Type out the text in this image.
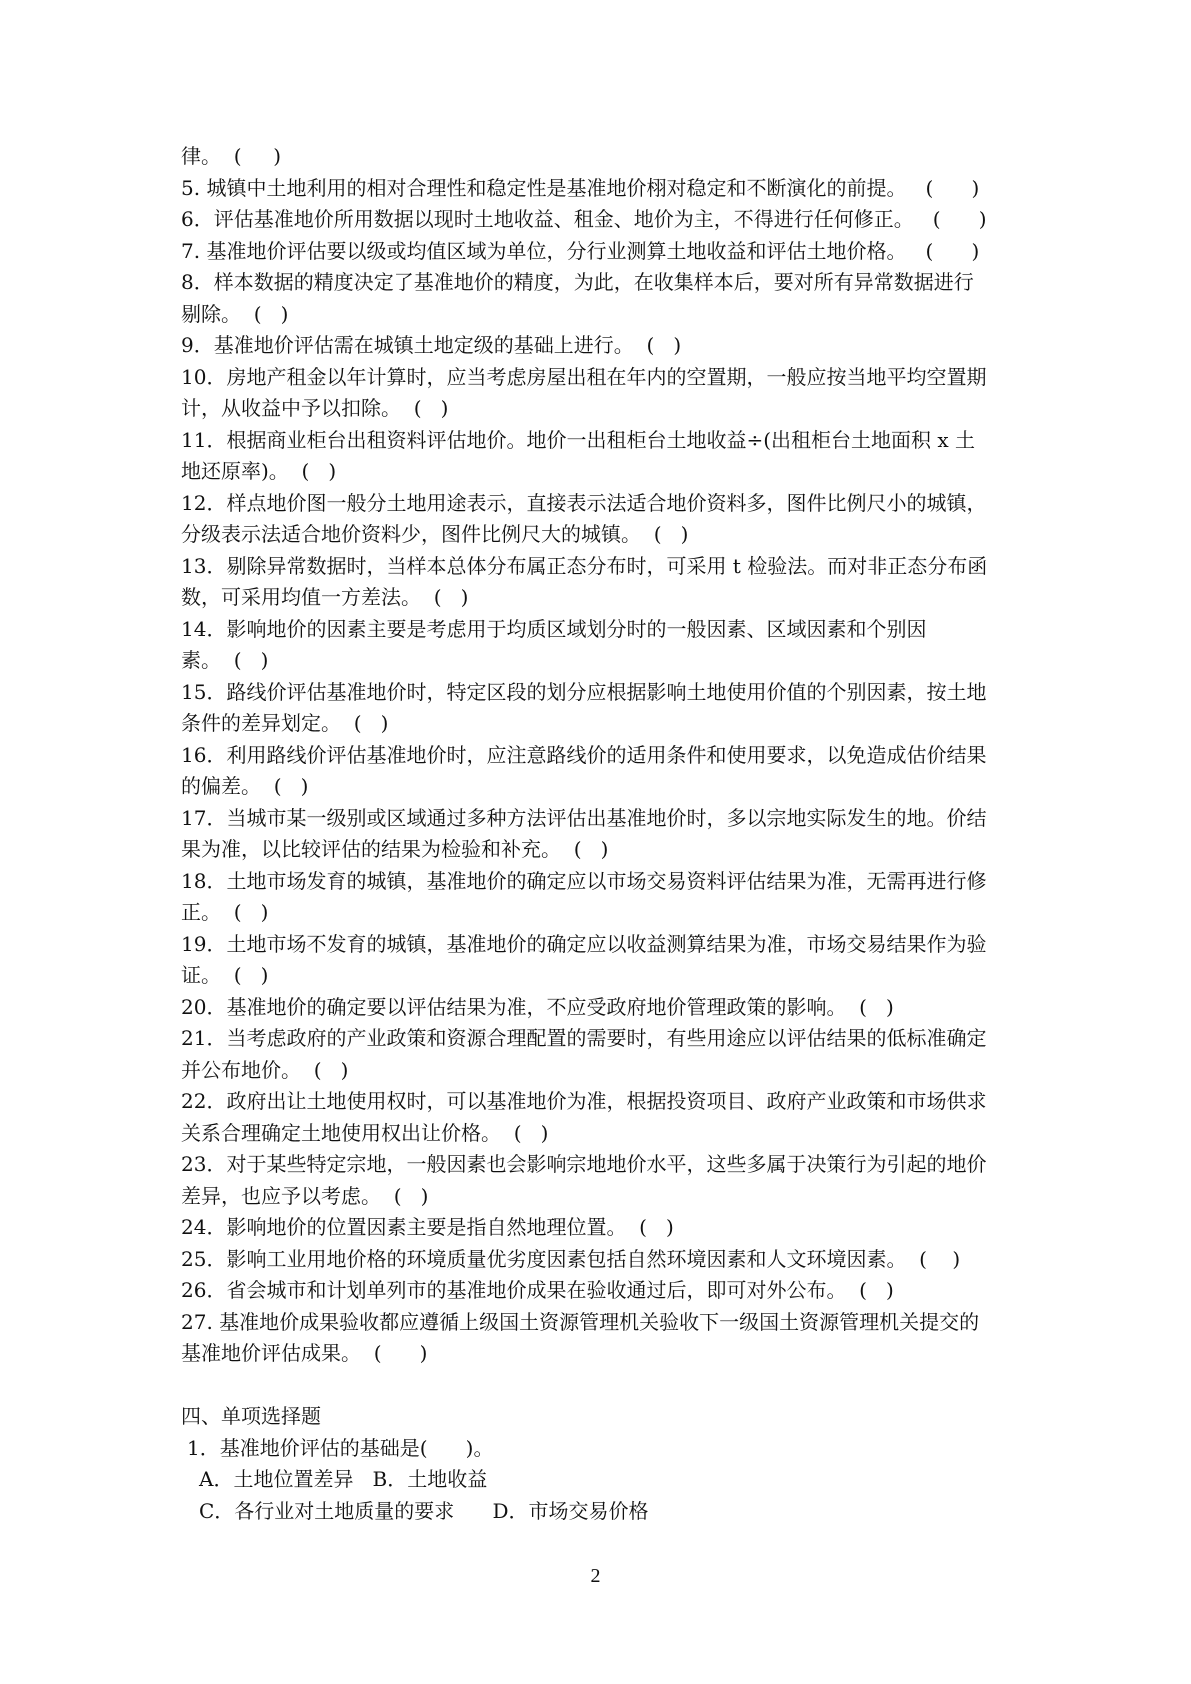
律。  (     )
5. 城镇中土地利用的相对合理性和稳定性是基准地价栩对稳定和不断演化的前提。   (      )
6．评估基准地价所用数据以现时土地收益、租金、地价为主，不得进行任何修正。   (      )
7. 基准地价评估要以级或均值区域为单位，分行业测算土地收益和评估土地价格。   (      )
8．样本数据的精度决定了基准地价的精度，为此，在收集样本后，要对所有异常数据进行
剔除。  (   )
9．基准地价评估需在城镇土地定级的基础上进行。  (   )
10．房地产租金以年计算时，应当考虑房屋出租在年内的空置期，一般应按当地平均空置期
计，从收益中予以扣除。  (   )
11．根据商业柜台出租资料评估地价。地价一出租柜台土地收益÷(出租柜台土地面积 x 土
地还原率)。  (   )
12．样点地价图一般分土地用途表示，直接表示法适合地价资料多，图件比例尺小的城镇，
分级表示法适合地价资料少，图件比例尺大的城镇。  (   )
13．剔除异常数据时，当样本总体分布属正态分布时，可采用 t 检验法。而对非正态分布函
数，可采用均值一方差法。  (   )
14．影响地价的因素主要是考虑用于均质区域划分时的一般因素、区域因素和个别因
素。  (   )
15．路线价评估基准地价时，特定区段的划分应根据影响土地使用价值的个别因素，按土地
条件的差异划定。  (   )
16．利用路线价评估基准地价时，应注意路线价的适用条件和使用要求，以免造成估价结果
的偏差。  (   )
17．当城市某一级别或区域通过多种方法评估出基准地价时，多以宗地实际发生的地。价结
果为准，以比较评估的结果为检验和补充。  (   )
18．土地市场发育的城镇，基准地价的确定应以市场交易资料评估结果为准，无需再进行修
正。  (   )
19．土地市场不发育的城镇，基准地价的确定应以收益测算结果为准，市场交易结果作为验
证。  (   )
20．基准地价的确定要以评估结果为准，不应受政府地价管理政策的影响。  (   )
21．当考虑政府的产业政策和资源合理配置的需要时，有些用途应以评估结果的低标准确定
并公布地价。  (   )
22．政府出让土地使用权时，可以基准地价为准，根据投资项目、政府产业政策和市场供求
关系合理确定土地使用权出让价格。  (   )
23．对于某些特定宗地，一般因素也会影响宗地地价水平，这些多属于决策行为引起的地价
差异，也应予以考虑。  (   )
24．影响地价的位置因素主要是指自然地理位置。  (   )
25．影响工业用地价格的环境质量优劣度因素包括自然环境因素和人文环境因素。  (    )
26．省会城市和计划单列市的基准地价成果在验收通过后，即可对外公布。  (   )
27. 基准地价成果验收都应遵循上级国土资源管理机关验收下一级国土资源管理机关提交的
基准地价评估成果。  (      )
四、单项选择题
1．基准地价评估的基础是(      )。
A．土地位置差异   B．土地收益
C．各行业对土地质量的要求      D．市场交易价格
2
